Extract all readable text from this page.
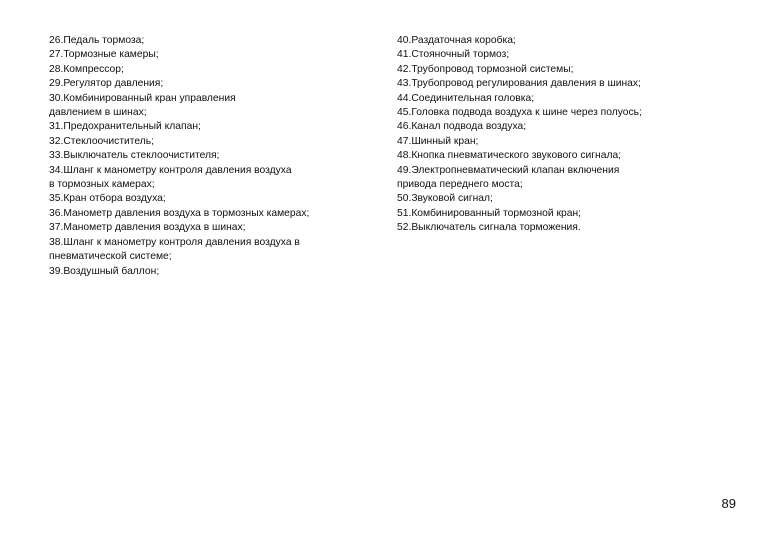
26.Педаль тормоза;
27.Тормозные камеры;
28.Компрессор;
29.Регулятор давления;
30.Комбинированный кран управления
давлением в шинах;
31.Предохранительный клапан;
32.Стеклоочиститель;
33.Выключатель стеклоочистителя;
34.Шланг к манометру контроля давления воздуха
в тормозных камерах;
35.Кран отбора воздуха;
36.Манометр давления воздуха в тормозных камерах;
37.Манометр давления воздуха в шинах;
38.Шланг к манометру контроля давления воздуха в
пневматической системе;
39.Воздушный баллон;
40.Раздаточная коробка;
41.Стояночный тормоз;
42.Трубопровод тормозной системы;
43.Трубопровод регулирования давления в шинах;
44.Соединительная головка;
45.Головка подвода воздуха к шине через полуось;
46.Канал подвода воздуха;
47.Шинный кран;
48.Кнопка пневматического звукового сигнала;
49.Электропневматический клапан включения
привода переднего моста;
50.Звуковой сигнал;
51.Комбинированный тормозной кран;
52.Выключатель сигнала торможения.
89
